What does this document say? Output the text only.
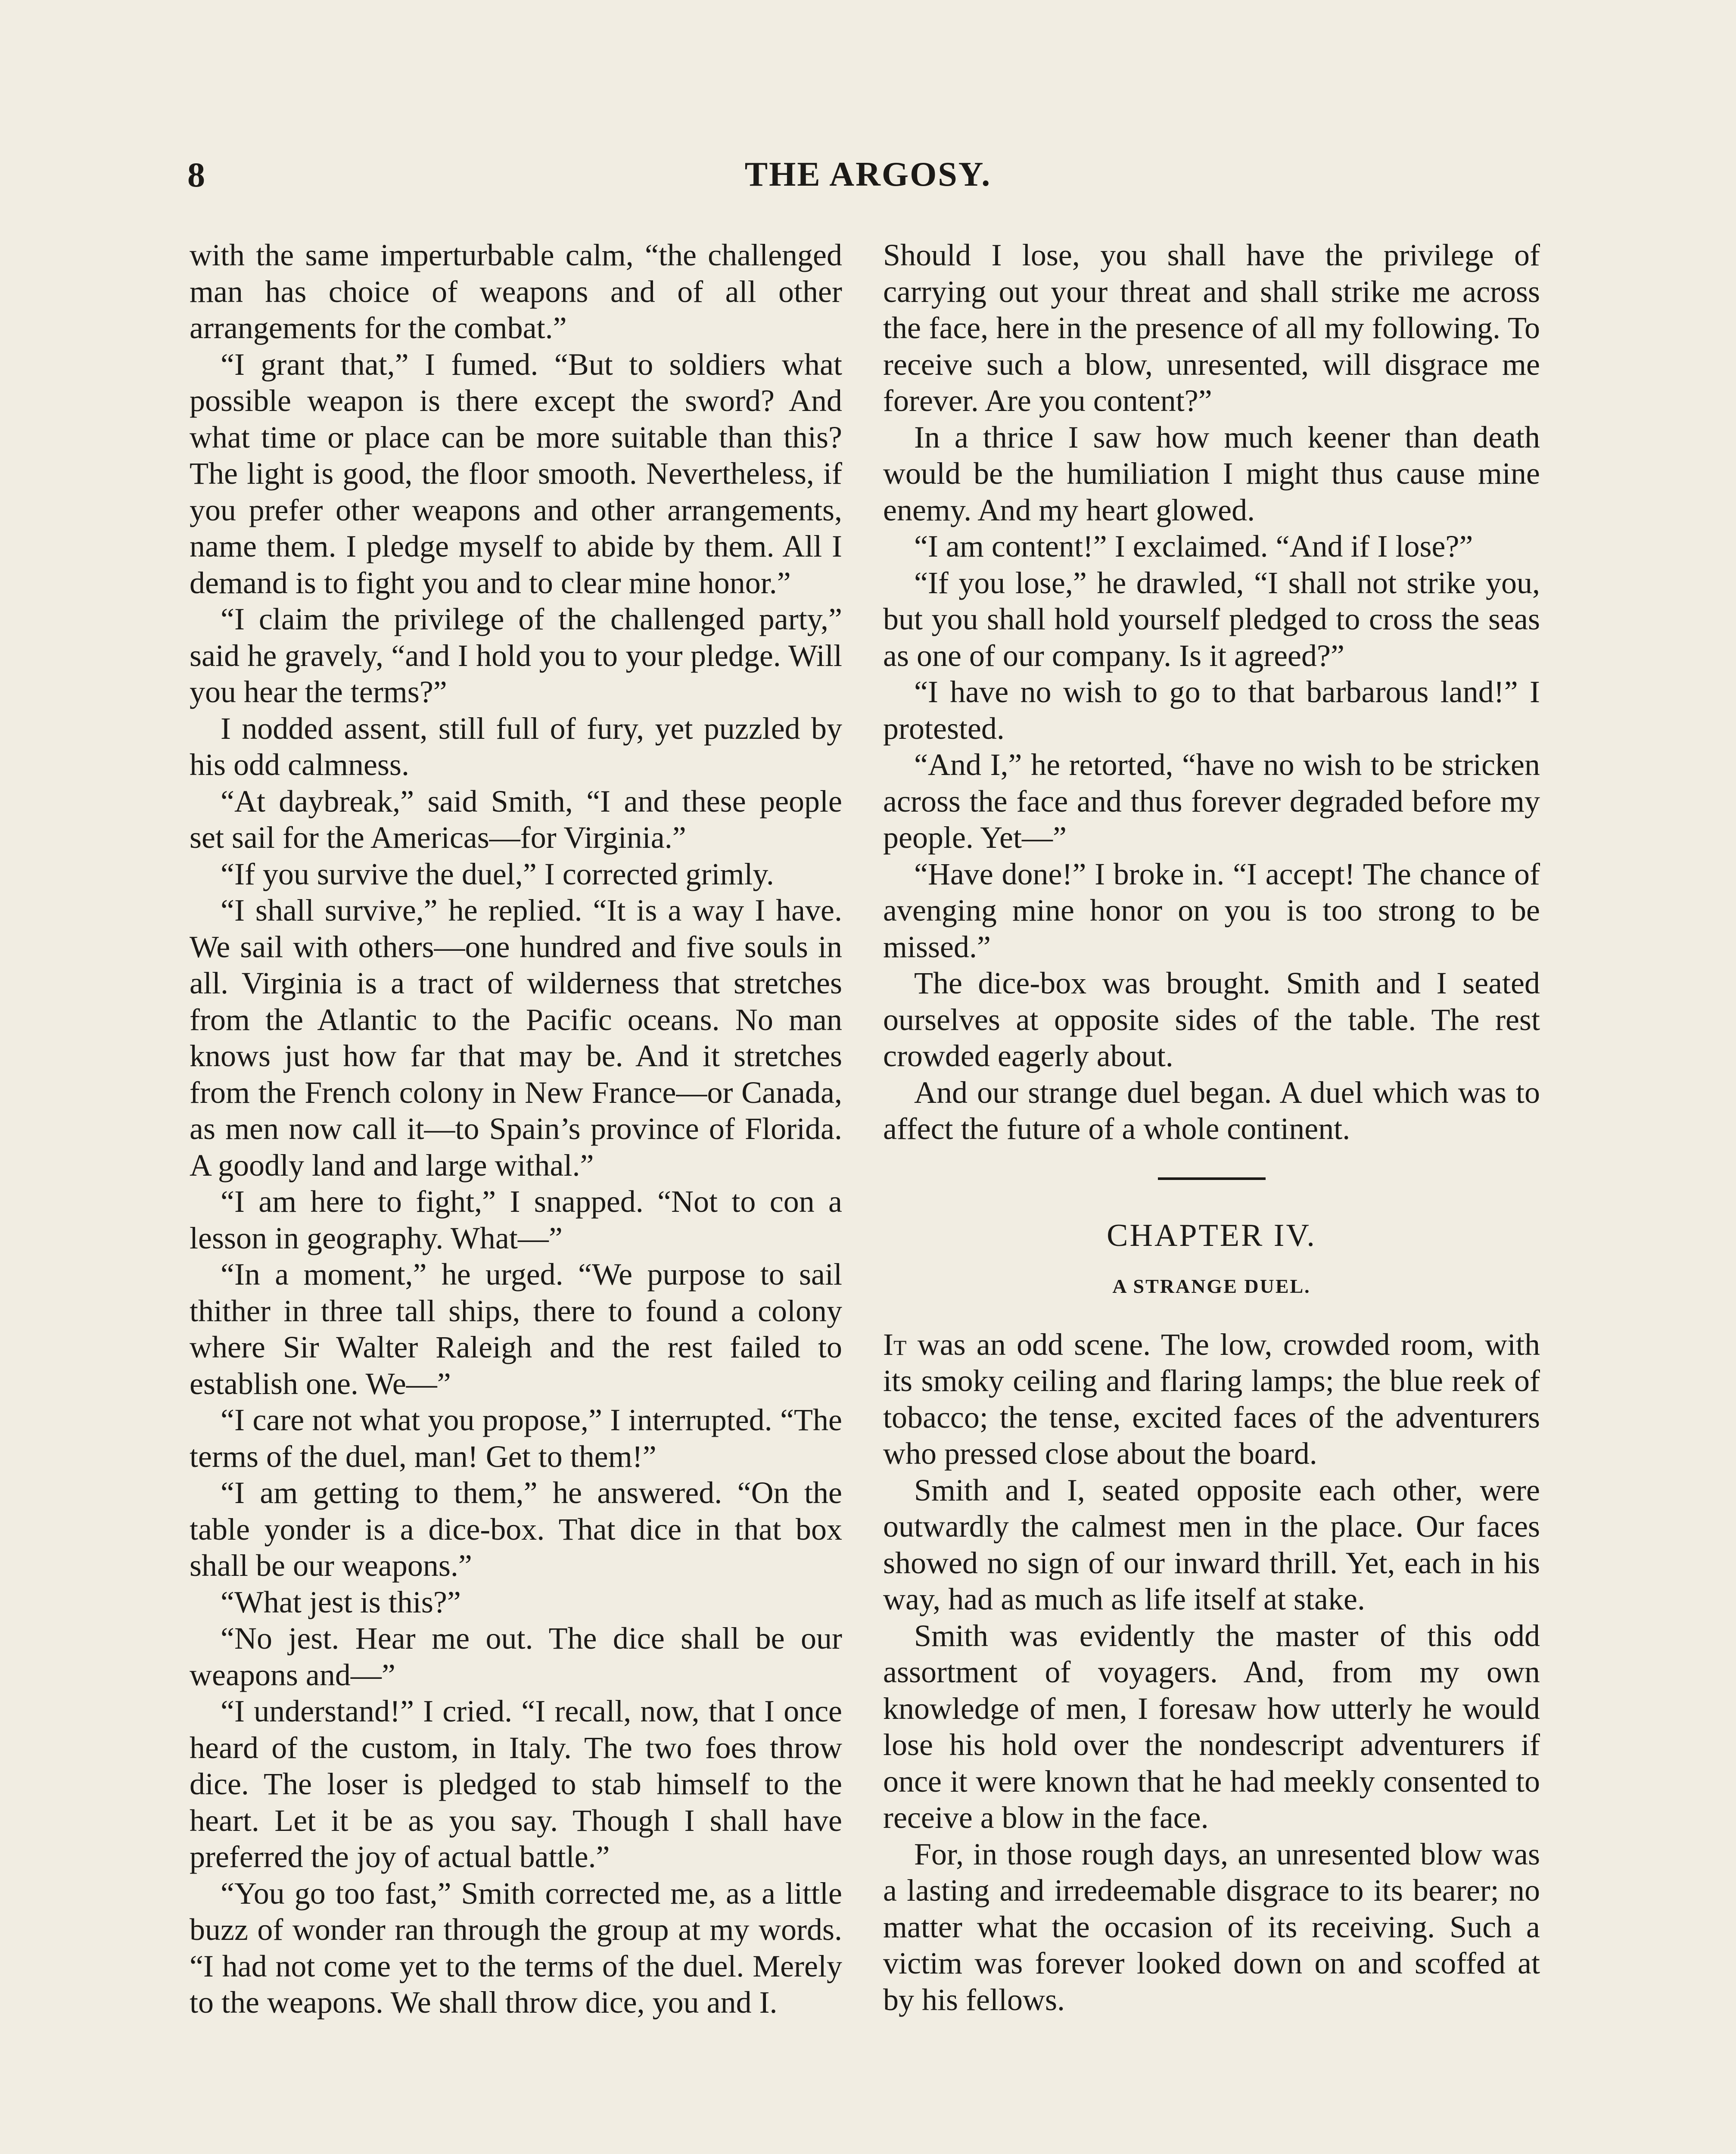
8	THE ARGOSY.

with the same imperturbable calm, “the challenged man has choice of weapons and of all other arrangements for the combat.”

“I grant that,” I fumed. “But to soldiers what possible weapon is there except the sword? And what time or place can be more suitable than this? The light is good, the floor smooth. Nevertheless, if you prefer other weapons and other arrangements, name them. I pledge myself to abide by them. All I demand is to fight you and to clear mine honor.”

“I claim the privilege of the challenged party,” said he gravely, “and I hold you to your pledge. Will you hear the terms?”

I nodded assent, still full of fury, yet puzzled by his odd calmness.

“At daybreak,” said Smith, “I and these people set sail for the Americas—for Virginia.”

“If you survive the duel,” I corrected grimly.

“I shall survive,” he replied. “It is a way I have. We sail with others—one hundred and five souls in all. Virginia is a tract of wilderness that stretches from the Atlantic to the Pacific oceans. No man knows just how far that may be. And it stretches from the French colony in New France—or Canada, as men now call it—to Spain’s province of Florida. A goodly land and large withal.”

“I am here to fight,” I snapped. “Not to con a lesson in geography. What—”

“In a moment,” he urged. “We purpose to sail thither in three tall ships, there to found a colony where Sir Walter Raleigh and the rest failed to establish one. We—”

“I care not what you propose,” I interrupted. “The terms of the duel, man! Get to them!”

“I am getting to them,” he answered. “On the table yonder is a dice-box. That dice in that box shall be our weapons.”

“What jest is this?”

“No jest. Hear me out. The dice shall be our weapons and—”

“I understand!” I cried. “I recall, now, that I once heard of the custom, in Italy. The two foes throw dice. The loser is pledged to stab himself to the heart. Let it be as you say. Though I shall have preferred the joy of actual battle.”

“You go too fast,” Smith corrected me, as a little buzz of wonder ran through the group at my words. “I had not come yet to the terms of the duel. Merely to the weapons. We shall throw dice, you and I.

Should I lose, you shall have the privilege of carrying out your threat and shall strike me across the face, here in the presence of all my following. To receive such a blow, unresented, will disgrace me forever. Are you content?”

In a thrice I saw how much keener than death would be the humiliation I might thus cause mine enemy. And my heart glowed.

“I am content!” I exclaimed. “And if I lose?”

“If you lose,” he drawled, “I shall not strike you, but you shall hold yourself pledged to cross the seas as one of our company. Is it agreed?”

“I have no wish to go to that barbarous land!” I protested.

“And I,” he retorted, “have no wish to be stricken across the face and thus forever degraded before my people. Yet—”

“Have done!” I broke in. “I accept! The chance of avenging mine honor on you is too strong to be missed.”

The dice-box was brought. Smith and I seated ourselves at opposite sides of the table. The rest crowded eagerly about.

And our strange duel began. A duel which was to affect the future of a whole continent.

CHAPTER IV.
A STRANGE DUEL.

It was an odd scene. The low, crowded room, with its smoky ceiling and flaring lamps; the blue reek of tobacco; the tense, excited faces of the adventurers who pressed close about the board.

Smith and I, seated opposite each other, were outwardly the calmest men in the place. Our faces showed no sign of our inward thrill. Yet, each in his way, had as much as life itself at stake.

Smith was evidently the master of this odd assortment of voyagers. And, from my own knowledge of men, I foresaw how utterly he would lose his hold over the nondescript adventurers if once it were known that he had meekly consented to receive a blow in the face.

For, in those rough days, an unresented blow was a lasting and irredeemable disgrace to its bearer; no matter what the occasion of its receiving. Such a victim was forever looked down on and scoffed at by his fellows.
